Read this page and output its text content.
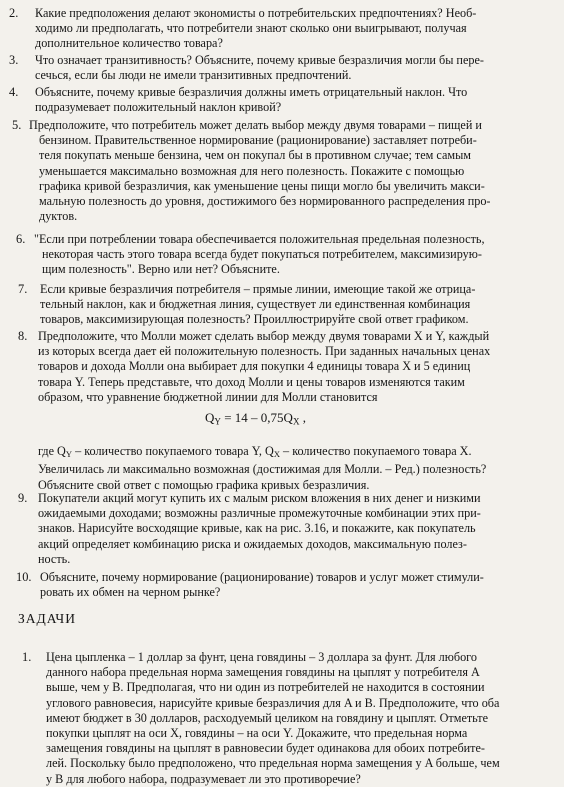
2. Какие предположения делают экономисты о потребительских предпочтениях? Необ-
ходимо ли предполагать, что потребители знают сколько они выигрывают, получая
дополнительное количество товара?
3. Что означает транзитивность? Объясните, почему кривые безразличия могли бы пере-
сечься, если бы люди не имели транзитивных предпочтений.
4. Объясните, почему кривые безразличия должны иметь отрицательный наклон. Что
подразумевает положительный наклон кривой?
5. Предположите, что потребитель может делать выбор между двумя товарами – пищей и
бензином. Правительственное нормирование (рационирование) заставляет потреби-
теля покупать меньше бензина, чем он покупал бы в противном случае; тем самым
уменьшается максимально возможная для него полезность. Покажите с помощью
графика кривой безразличия, как уменьшение цены пищи могло бы увеличить макси-
мальную полезность до уровня, достижимого без нормированного распределения про-
дуктов.
6. "Если при потреблении товара обеспечивается положительная предельная полезность,
некоторая часть этого товара всегда будет покупаться потребителем, максимизирую-
щим полезность". Верно или нет? Объясните.
7. Если кривые безразличия потребителя – прямые линии, имеющие такой же отрица-
тельный наклон, как и бюджетная линия, существует ли единственная комбинация
товаров, максимизирующая полезность? Проиллюстрируйте свой ответ графиком.
8. Предположите, что Молли может сделать выбор между двумя товарами X и Y, каждый
из которых всегда дает ей положительную полезность. При заданных начальных ценах
товаров и дохода Молли она выбирает для покупки 4 единицы товара X и 5 единиц
товара Y. Теперь представьте, что доход Молли и цены товаров изменяются таким
образом, что уравнение бюджетной линии для Молли становится
$Q_Y = 14 - 0,75Q_X$ ,
где $Q_Y$ – количество покупаемого товара Y, $Q_X$ – количество покупаемого товара X.
Увеличилась ли максимально возможная (достижимая для Молли. – Ред.) полезность?
Объясните свой ответ с помощью графика кривых безразличия.
9. Покупатели акций могут купить их с малым риском вложения в них денег и низкими
ожидаемыми доходами; возможны различные промежуточные комбинации этих при-
знаков. Нарисуйте восходящие кривые, как на рис. 3.16, и покажите, как покупатель
акций определяет комбинацию риска и ожидаемых доходов, максимальную полез-
ность.
10. Объясните, почему нормирование (рационирование) товаров и услуг может стимули-
ровать их обмен на черном рынке?
ЗАДАЧИ
1. Цена цыпленка – 1 доллар за фунт, цена говядины – 3 доллара за фунт. Для любого
данного набора предельная норма замещения говядины на цыплят у потребителя A
выше, чем у B. Предполагая, что ни один из потребителей не находится в состоянии
углового равновесия, нарисуйте кривые безразличия для A и B. Предположите, что оба
имеют бюджет в 30 долларов, расходуемый целиком на говядину и цыплят. Отметьте
покупки цыплят на оси X, говядины – на оси Y. Докажите, что предельная норма
замещения говядины на цыплят в равновесии будет одинакова для обоих потребите-
лей. Поскольку было предположено, что предельная норма замещения у A больше, чем
у B для любого набора, подразумевает ли это противоречие?
